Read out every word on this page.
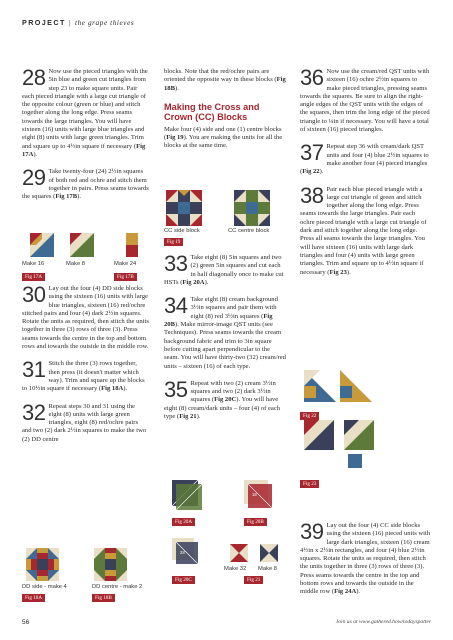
PROJECT | the grape thieves
28 Now use the pieced triangles with the 5in blue and green cut triangles from step 23 to make square units. Pair each pieced triangle with a large cut triangle of the opposite colour (green or blue) and stitch together along the long edge. Press seams towards the large triangles. You will have sixteen (16) units with large blue triangles and eight (8) units with large green triangles. Trim and square up to 4½in square if necessary (Fig 17A).
29 Take twenty-four (24) 2½in squares of both red and ochre and stitch them together in pairs. Press seams towards the squares (Fig 17B).
Make 16	Make 8	Make 24
Fig 17A	Fig 17B
30 Lay out the four (4) DD side blocks using the sixteen (16) units with large blue triangles, sixteen (16) red/ochre stitched pairs and four (4) dark 2½in squares. Rotate the units as required, then stitch the units together in three (3) rows of three (3). Press seams towards the centre in the top and bottom rows and towards the outside in the middle row.
31 Stitch the three (3) rows together, then press (it doesn't matter which way). Trim and square up the blocks to 10½in square if necessary (Fig 18A).
32 Repeat steps 30 and 31 using the eight (8) units with large green triangles, eight (8) red/ochre pairs and two (2) dark 2½in squares to make the two (2) DD centre
DD side - make 4	DD centre - make 2
Fig 18A	Fig 18B
blocks. Note that the red/ochre pairs are oriented the opposite way in these blocks (Fig 18B).
Making the Cross and Crown (CC) Blocks
Make four (4) side and one (1) centre blocks (Fig 19). You are making the units for all the blocks at the same time.
CC side block	CC centre block
Fig 19
33 Take eight (8) 5in squares and two (2) green 5in squares and cut each in half diagonally once to make cut HSTs (Fig 20A).
34 Take eight (8) cream background 3½in squares and pair them with eight (8) red 3½in squares (Fig 20B). Make mirror-image QST units (see Techniques). Press seams towards the cream background fabric and trim to 3in square before cutting apart perpendicular to the seam. You will have thirty-two (32) cream/red units – sixteen (16) of each type.
35 Repeat with two (2) cream 3½in squares and two (2) dark 3½in squares (Fig 20C). You will have eight (8) cream/dark units – four (4) of each type (Fig 21).
18
28
Fig 20A	Fig 20B
Make 32 Make 8
Fig 20C	Fig 21
36 Now use the cream/red QST units with sixteen (16) ochre 2½in squares to make pieced triangles, pressing seams towards the squares. Be sure to align the right-angle edges of the QST units with the edges of the squares, then trim the long edge of the pieced triangle to ¼in if necessary. You will have a total of sixteen (16) pieced triangles.
37 Repeat step 36 with cream/dark QST units and four (4) blue 2½in squares to make another four (4) pieced triangles (Fig 22).
38 Pair each blue pieced triangle with a large cut triangle of green and stitch together along the long edge. Press seams towards the large triangles. Pair each ochre pieced triangle with a large cut triangle of dark and stitch together along the long edge. Press all seams towards the large triangles. You will have sixteen (16) units with large dark triangles and four (4) units with large green triangles. Trim and square up to 4½in square if necessary (Fig 23).
Fig 22
Fig 23
39 Lay out the four (4) CC side blocks using the sixteen (16) pieced units with large dark triangles, sixteen (16) cream 4½in x 2½in rectangles, and four (4) blue 2½in squares. Rotate the units as required, then stitch the units together in three (3) rows of three (3). Press seams towards the centre in the top and bottom rows and towards the outside in the middle row (Fig 24A).
56	Join us at www.gathered.how/todayspatter
